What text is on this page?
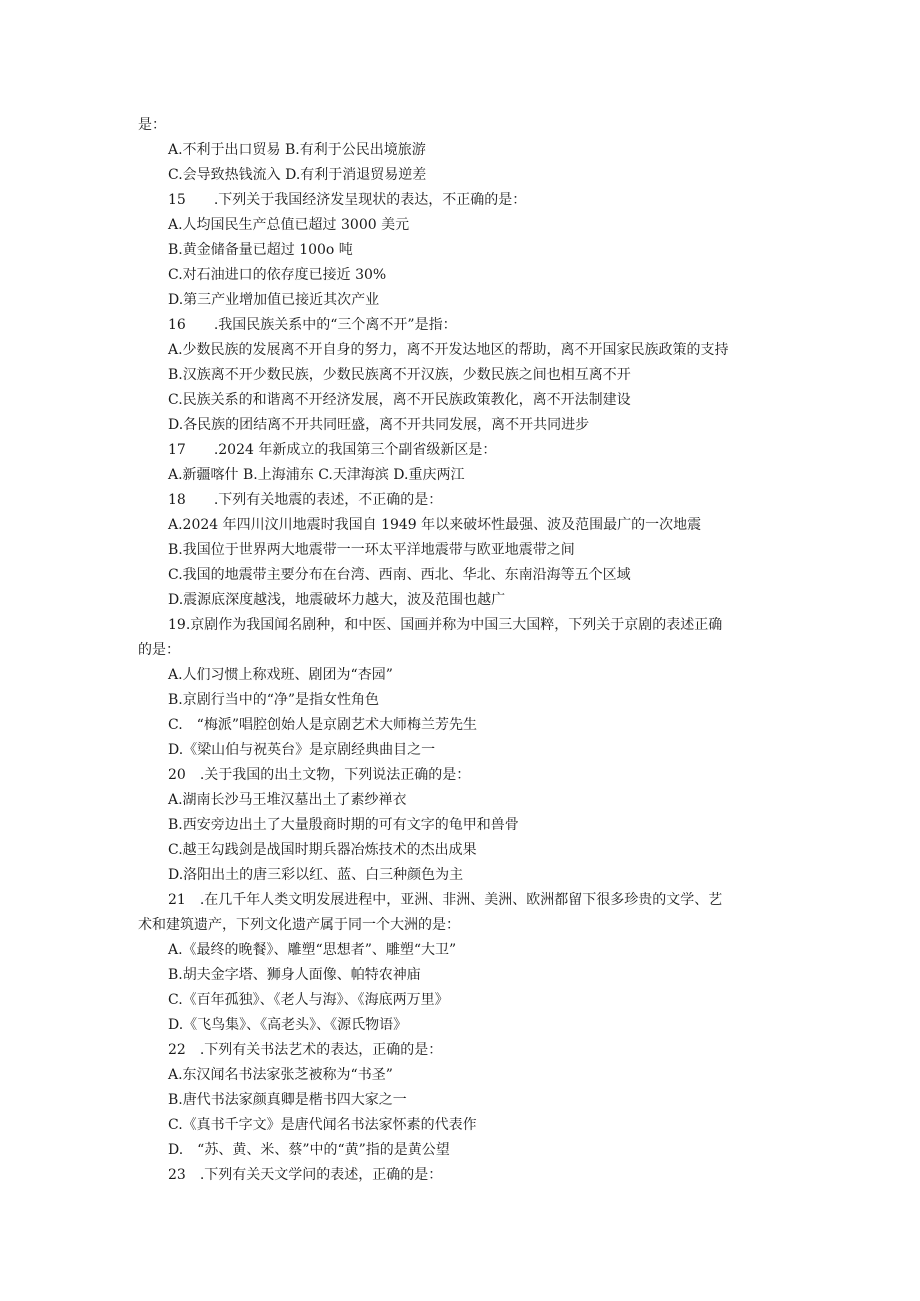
是：
A.不利于出口贸易 B.有利于公民出境旅游
C.会导致热钱流入 D.有利于消退贸易逆差
15　　.下列关于我国经济发呈现状的表达，不正确的是：
A.人均国民生产总值已超过 3000 美元
B.黄金储备量已超过 100o 吨
C.对石油进口的依存度已接近 30%
D.第三产业增加值已接近其次产业
16　　.我国民族关系中的“三个离不开”是指：
A.少数民族的发展离不开自身的努力，离不开发达地区的帮助，离不开国家民族政策的支持
B.汉族离不开少数民族，少数民族离不开汉族，少数民族之间也相互离不开
C.民族关系的和谐离不开经济发展，离不开民族政策教化，离不开法制建设
D.各民族的团结离不开共同旺盛，离不开共同发展，离不开共同进步
17　　.2024 年新成立的我国第三个副省级新区是：
A.新疆喀什 B.上海浦东 C.天津海滨 D.重庆两江
18　　.下列有关地震的表述，不正确的是：
A.2024 年四川汶川地震时我国自 1949 年以来破坏性最强、波及范围最广的一次地震
B.我国位于世界两大地震带一一环太平洋地震带与欧亚地震带之间
C.我国的地震带主要分布在台湾、西南、西北、华北、东南沿海等五个区域
D.震源底深度越浅，地震破坏力越大，波及范围也越广
19.京剧作为我国闻名剧种，和中医、国画并称为中国三大国粹，下列关于京剧的表述正确
的是：
A.人们习惯上称戏班、剧团为“杏园”
B.京剧行当中的“净”是指女性角色
C.　“梅派”唱腔创始人是京剧艺术大师梅兰芳先生
D.《梁山伯与祝英台》是京剧经典曲目之一
20　.关于我国的出土文物，下列说法正确的是：
A.湖南长沙马王堆汉墓出土了素纱禅衣
B.西安旁边出土了大量殷商时期的可有文字的龟甲和兽骨
C.越王勾践剑是战国时期兵器冶炼技术的杰出成果
D.洛阳出土的唐三彩以红、蓝、白三种颜色为主
21　.在几千年人类文明发展进程中，亚洲、非洲、美洲、欧洲都留下很多珍贵的文学、艺
术和建筑遗产，下列文化遗产属于同一个大洲的是：
A.《最终的晚餐》、雕塑“思想者”、雕塑“大卫”
B.胡夫金字塔、狮身人面像、帕特农神庙
C.《百年孤独》、《老人与海》、《海底两万里》
D.《飞鸟集》、《高老头》、《源氏物语》
22　.下列有关书法艺术的表达，正确的是：
A.东汉闻名书法家张芝被称为“书圣”
B.唐代书法家颜真卿是楷书四大家之一
C.《真书千字文》是唐代闻名书法家怀素的代表作
D.　“苏、黄、米、蔡”中的“黄”指的是黄公望
23　.下列有关天文学问的表述，正确的是：
